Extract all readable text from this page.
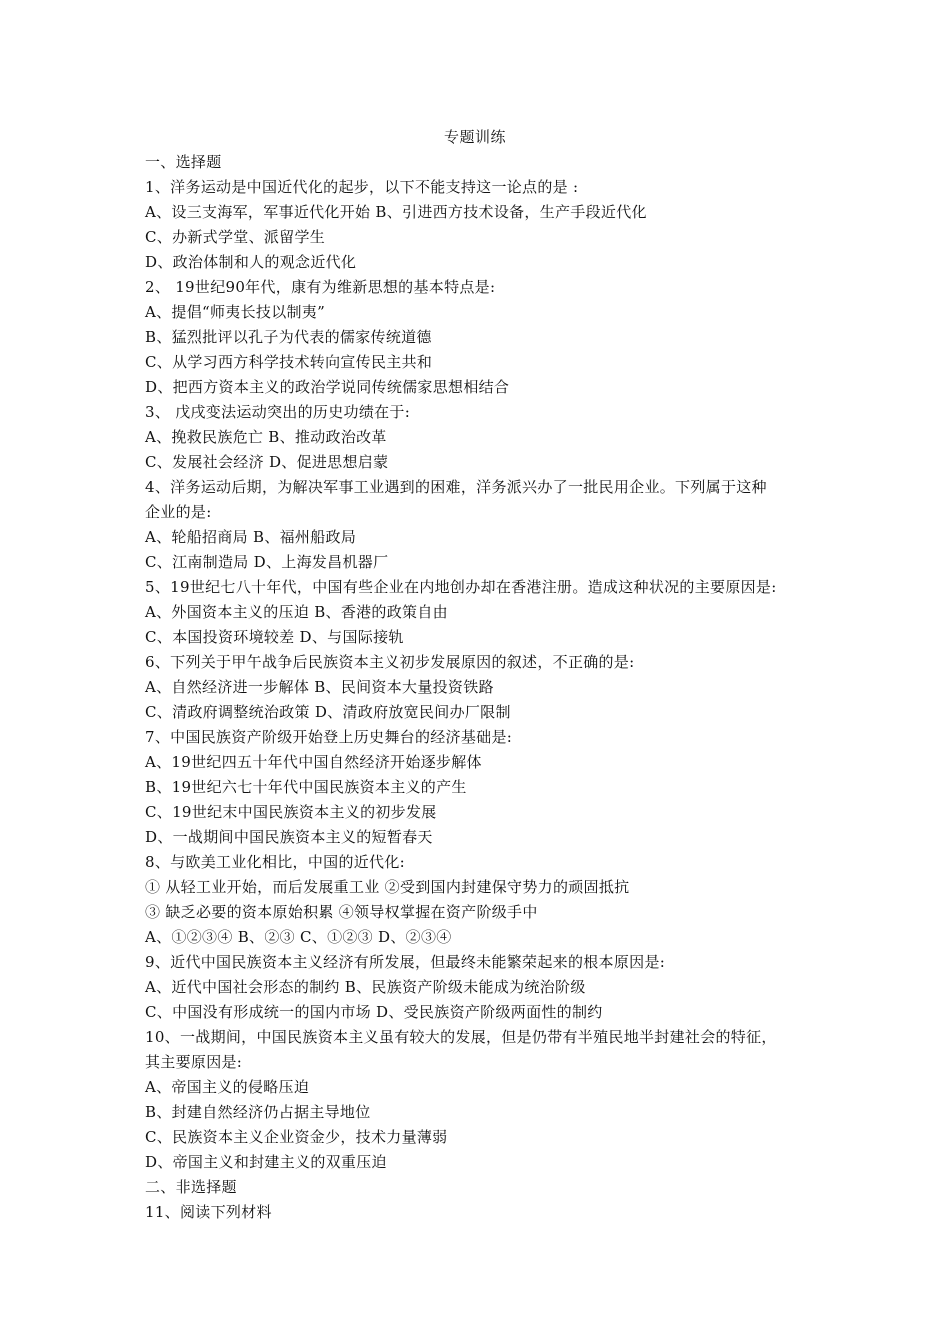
专题训练
一、选择题
1、洋务运动是中国近代化的起步，以下不能支持这一论点的是 :
A、设三支海军，军事近代化开始 B、引进西方技术设备，生产手段近代化
C、办新式学堂、派留学生
D、政治体制和人的观念近代化
2、 19世纪90年代，康有为维新思想的基本特点是:
A、提倡“师夷长技以制夷”
B、猛烈批评以孔子为代表的儒家传统道德
C、从学习西方科学技术转向宣传民主共和
D、把西方资本主义的政治学说同传统儒家思想相结合
3、 戊戌变法运动突出的历史功绩在于:
A、挽救民族危亡 B、推动政治改革
C、发展社会经济 D、促进思想启蒙
4、洋务运动后期，为解决军事工业遇到的困难，洋务派兴办了一批民用企业。下列属于这种
企业的是:
A、轮船招商局 B、福州船政局
C、江南制造局 D、上海发昌机器厂
5、19世纪七八十年代，中国有些企业在内地创办却在香港注册。造成这种状况的主要原因是:
A、外国资本主义的压迫 B、香港的政策自由
C、本国投资环境较差 D、与国际接轨
6、下列关于甲午战争后民族资本主义初步发展原因的叙述，不正确的是:
A、自然经济进一步解体 B、民间资本大量投资铁路
C、清政府调整统治政策 D、清政府放宽民间办厂限制
7、中国民族资产阶级开始登上历史舞台的经济基础是:
A、19世纪四五十年代中国自然经济开始逐步解体
B、19世纪六七十年代中国民族资本主义的产生
C、19世纪末中国民族资本主义的初步发展
D、一战期间中国民族资本主义的短暂春天
8、与欧美工业化相比，中国的近代化:
① 从轻工业开始，而后发展重工业 ②受到国内封建保守势力的顽固抵抗
③ 缺乏必要的资本原始积累 ④领导权掌握在资产阶级手中
A、①②③④ B、②③ C、①②③ D、②③④
9、近代中国民族资本主义经济有所发展，但最终未能繁荣起来的根本原因是:
A、近代中国社会形态的制约 B、民族资产阶级未能成为统治阶级
C、中国没有形成统一的国内市场 D、受民族资产阶级两面性的制约
10、一战期间，中国民族资本主义虽有较大的发展，但是仍带有半殖民地半封建社会的特征，
其主要原因是:
A、帝国主义的侵略压迫
B、封建自然经济仍占据主导地位
C、民族资本主义企业资金少，技术力量薄弱
D、帝国主义和封建主义的双重压迫
二、非选择题
11、阅读下列材料
